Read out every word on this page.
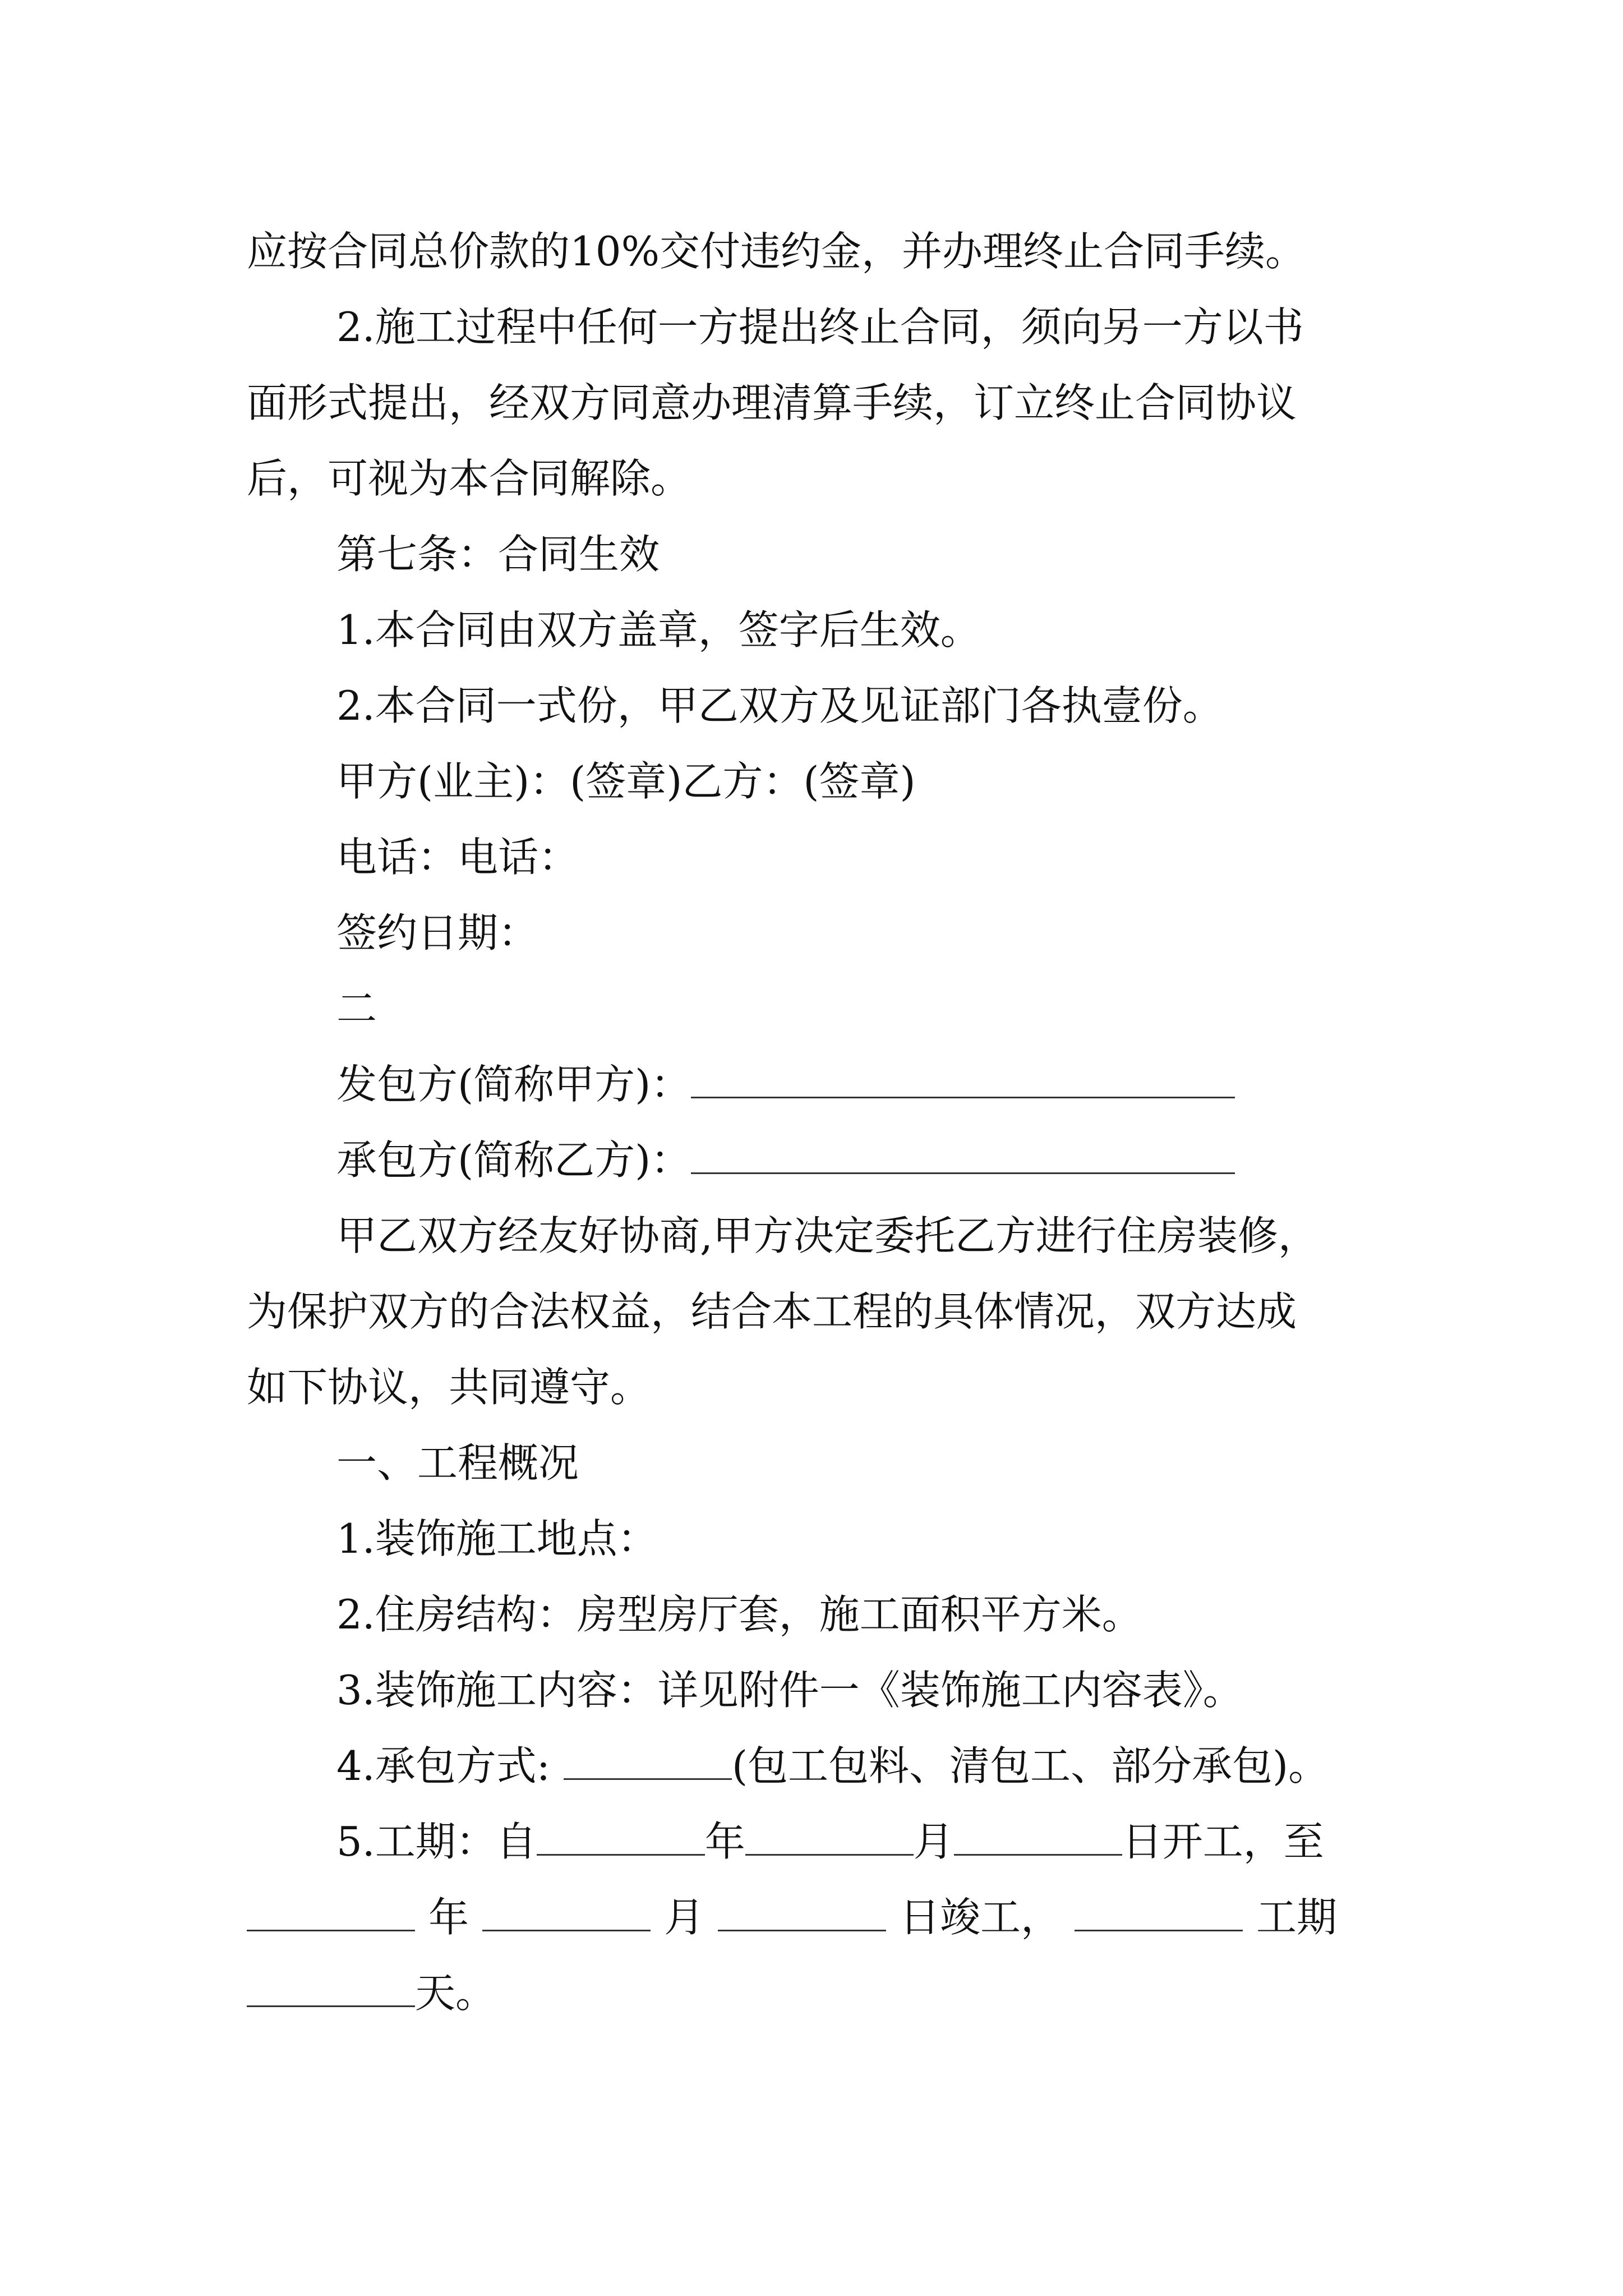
应按合同总价款的10%交付违约金，并办理终止合同手续。
2.施工过程中任何一方提出终止合同，须向另一方以书
面形式提出，经双方同意办理清算手续，订立终止合同协议
后，可视为本合同解除。
第七条：合同生效
1.本合同由双方盖章，签字后生效。
2.本合同一式份，甲乙双方及见证部门各执壹份。
甲方(业主)：(签章)乙方：(签章)
电话：电话：
签约日期：
二
发包方(简称甲方)：
承包方(简称乙方)：
甲乙双方经友好协商,甲方决定委托乙方进行住房装修，
为保护双方的合法权益，结合本工程的具体情况，双方达成
如下协议，共同遵守。
一、工程概况
1.装饰施工地点：
2.住房结构：房型房厅套，施工面积平方米。
3.装饰施工内容：详见附件一《装饰施工内容表》。
4.承包方式:	(包工包料、清包工、部分承包)。
5.工期：自	年	月	日开工，至
年	月	日竣工，	工期
天。
